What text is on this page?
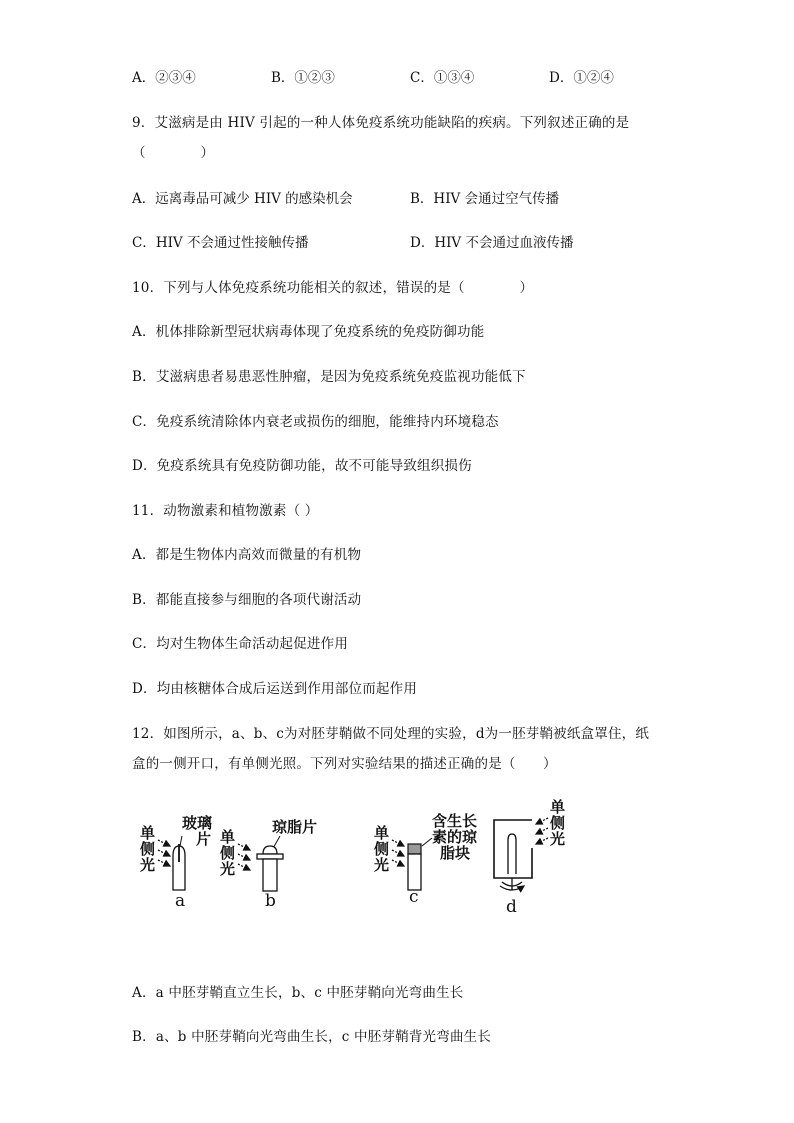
A．②③④	B．①②③	C．①③④	D．①②④
9．艾滋病是由 HIV 引起的一种人体免疫系统功能缺陷的疾病。下列叙述正确的是
（　　　　）
A．远离毒品可减少 HIV 的感染机会	B．HIV 会通过空气传播
C．HIV 不会通过性接触传播	D．HIV 不会通过血液传播
10．下列与人体免疫系统功能相关的叙述，错误的是（　　　　）
A．机体排除新型冠状病毒体现了免疫系统的免疫防御功能
B．艾滋病患者易患恶性肿瘤，是因为免疫系统免疫监视功能低下
C．免疫系统清除体内衰老或损伤的细胞，能维持内环境稳态
D．免疫系统具有免疫防御功能，故不可能导致组织损伤
11．动物激素和植物激素（ ）
A．都是生物体内高效而微量的有机物
B．都能直接参与细胞的各项代谢活动
C．均对生物体生命活动起促进作用
D．均由核糖体合成后运送到作用部位而起作用
12．如图所示，a、b、c为对胚芽鞘做不同处理的实验，d为一胚芽鞘被纸盒罩住，纸
盒的一侧开口，有单侧光照。下列对实验结果的描述正确的是（　　）
单
侧
光
玻璃
片
a
单
侧
光
琼脂片
b
单
侧
光
含生长
素的琼
脂块
c
单
侧
光
d
A．a 中胚芽鞘直立生长，b、c 中胚芽鞘向光弯曲生长
B．a、b 中胚芽鞘向光弯曲生长，c 中胚芽鞘背光弯曲生长
